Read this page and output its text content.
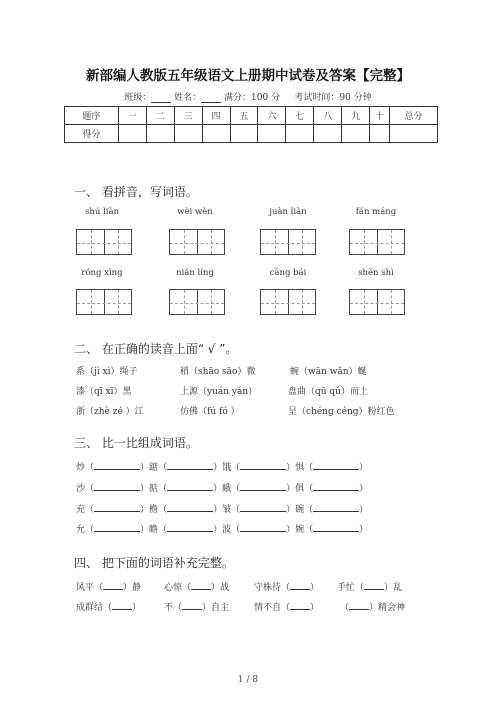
新部编人教版五年级语文上册期中试卷及答案【完整】
班级：	姓名：	满分：100 分 考试时间：90 分钟
题序	一	二	三	四	五	六	七	八	九	十	总分
得分											
一、 看拼音，写词语。
shú liàn	wèi wèn	juàn liàn	fán máng
róng xìng	nián líng	cāng bái	shēn shì
二、 在正确的读音上面“ √ ”。
系（jì xì）绳子	稍（shāo sāo）微	蜿（wān wǎn）蜒
漆（qī xī）黑	上源（yuán yán）	盘曲（qū qǔ）而上
浙（zhè zé ）江	仿佛（fú fó ）	呈（chéng céng）粉红色
三、 比一比组成词语。
炒（	）踮（	）饿（	）惧（	）
沙（	）掂（	）蛾（	）俱（	）
充（	）檐（	）皱（	）碗（	）
允（	）瞻（	）波（	）婉（	）
四、 把下面的词语补充完整。
风平（ ）静	心惊（ ）战	守株待（ ） 手忙（ ）乱
成群结（ ）	不（ ）自主	情不自（ ） （ ）精会神
1 / 8
